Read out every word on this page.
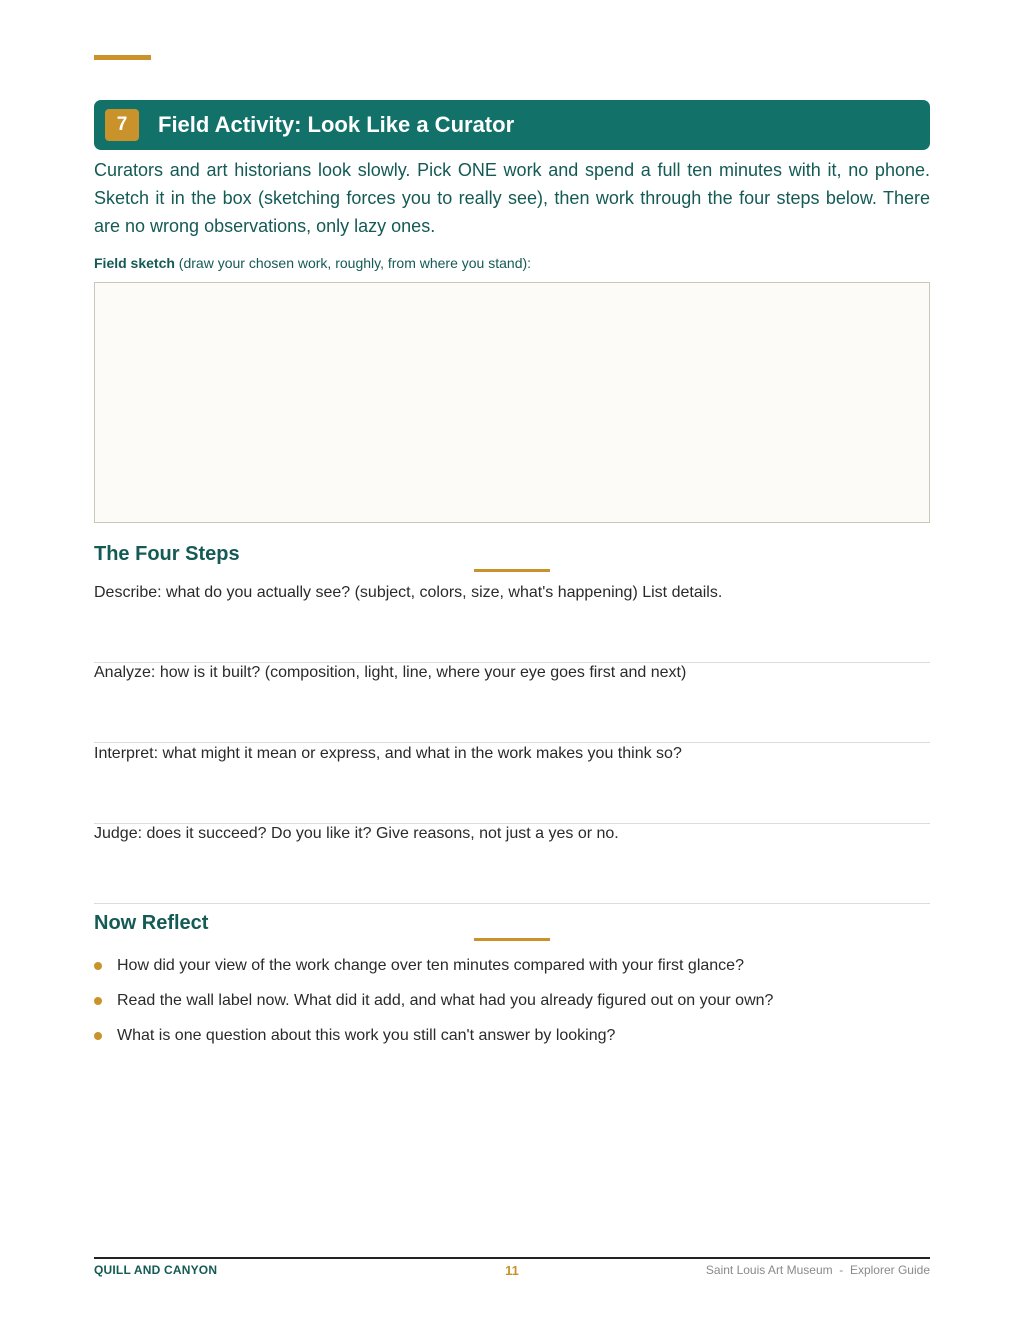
7	Field Activity: Look Like a Curator

Curators and art historians look slowly. Pick ONE work and spend a full ten minutes with it, no phone. Sketch it in the box (sketching forces you to really see), then work through the four steps below. There are no wrong observations, only lazy ones.

Field sketch (draw your chosen work, roughly, from where you stand):
The Four Steps
Describe: what do you actually see? (subject, colors, size, what's happening) List details.
Analyze: how is it built? (composition, light, line, where your eye goes first and next)
Interpret: what might it mean or express, and what in the work makes you think so?
Judge: does it succeed? Do you like it? Give reasons, not just a yes or no.
Now Reflect
How did your view of the work change over ten minutes compared with your first glance?
Read the wall label now. What did it add, and what had you already figured out on your own?
What is one question about this work you still can't answer by looking?
QUILL AND CANYON	11	Saint Louis Art Museum  -  Explorer Guide
